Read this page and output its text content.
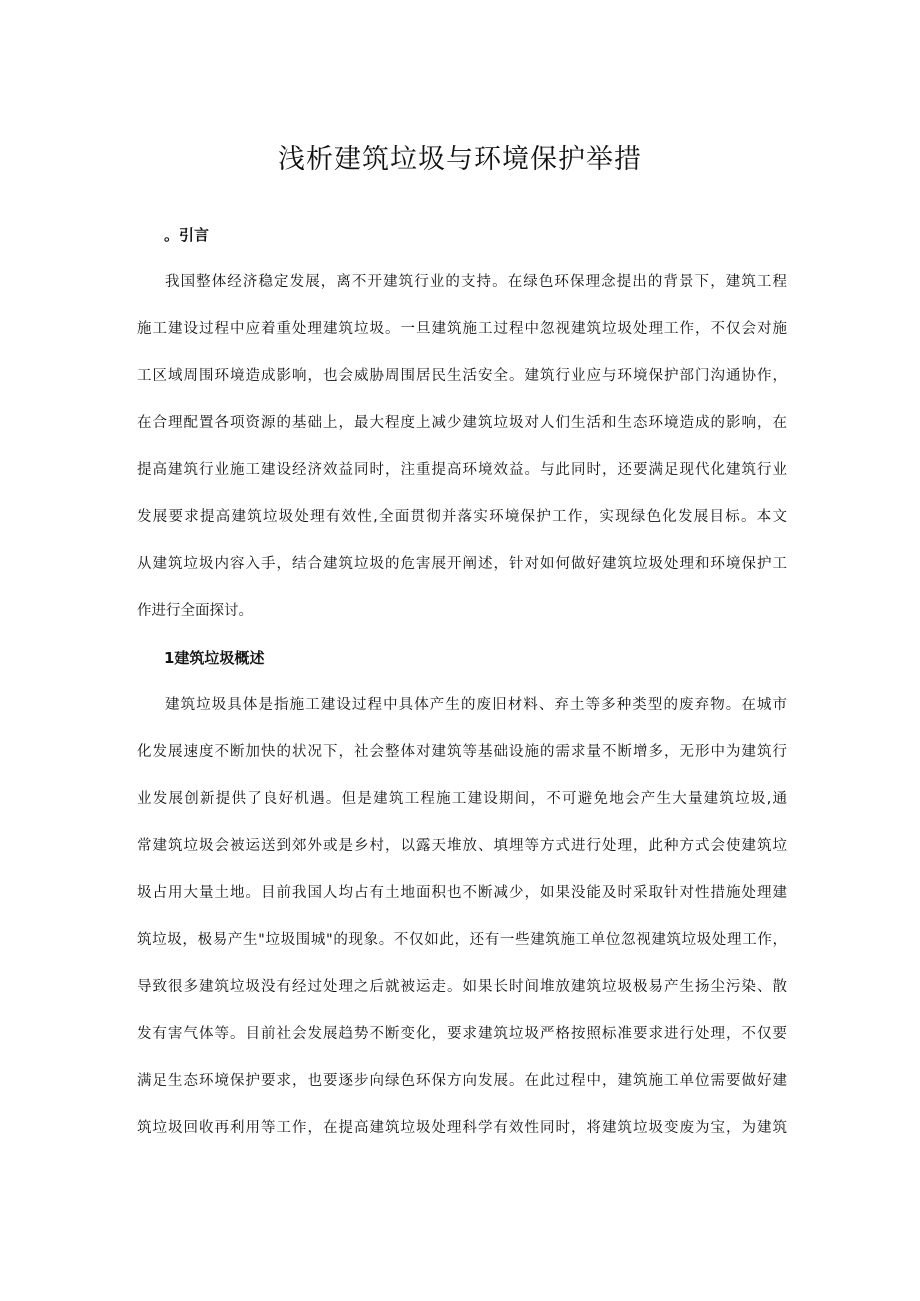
浅析建筑垃圾与环境保护举措
。引言
我国整体经济稳定发展，离不开建筑行业的支持。在绿色环保理念提出的背景下，建筑工程
施工建设过程中应着重处理建筑垃圾。一旦建筑施工过程中忽视建筑垃圾处理工作，不仅会对施
工区域周围环境造成影响，也会威胁周围居民生活安全。建筑行业应与环境保护部门沟通协作，
在合理配置各项资源的基础上，最大程度上减少建筑垃圾对人们生活和生态环境造成的影响，在
提高建筑行业施工建设经济效益同时，注重提高环境效益。与此同时，还要满足现代化建筑行业
发展要求提高建筑垃圾处理有效性,全面贯彻并落实环境保护工作，实现绿色化发展目标。本文
从建筑垃圾内容入手，结合建筑垃圾的危害展开阐述，针对如何做好建筑垃圾处理和环境保护工
作进行全面探讨。
1建筑垃圾概述
建筑垃圾具体是指施工建设过程中具体产生的废旧材料、弃土等多种类型的废弃物。在城市
化发展速度不断加快的状况下，社会整体对建筑等基础设施的需求量不断增多，无形中为建筑行
业发展创新提供了良好机遇。但是建筑工程施工建设期间，不可避免地会产生大量建筑垃圾,通
常建筑垃圾会被运送到郊外或是乡村，以露天堆放、填埋等方式进行处理，此种方式会使建筑垃
圾占用大量土地。目前我国人均占有土地面积也不断减少，如果没能及时采取针对性措施处理建
筑垃圾，极易产生"垃圾围城"的现象。不仅如此，还有一些建筑施工单位忽视建筑垃圾处理工作，
导致很多建筑垃圾没有经过处理之后就被运走。如果长时间堆放建筑垃圾极易产生扬尘污染、散
发有害气体等。目前社会发展趋势不断变化，要求建筑垃圾严格按照标准要求进行处理，不仅要
满足生态环境保护要求，也要逐步向绿色环保方向发展。在此过程中，建筑施工单位需要做好建
筑垃圾回收再利用等工作，在提高建筑垃圾处理科学有效性同时，将建筑垃圾变废为宝，为建筑
